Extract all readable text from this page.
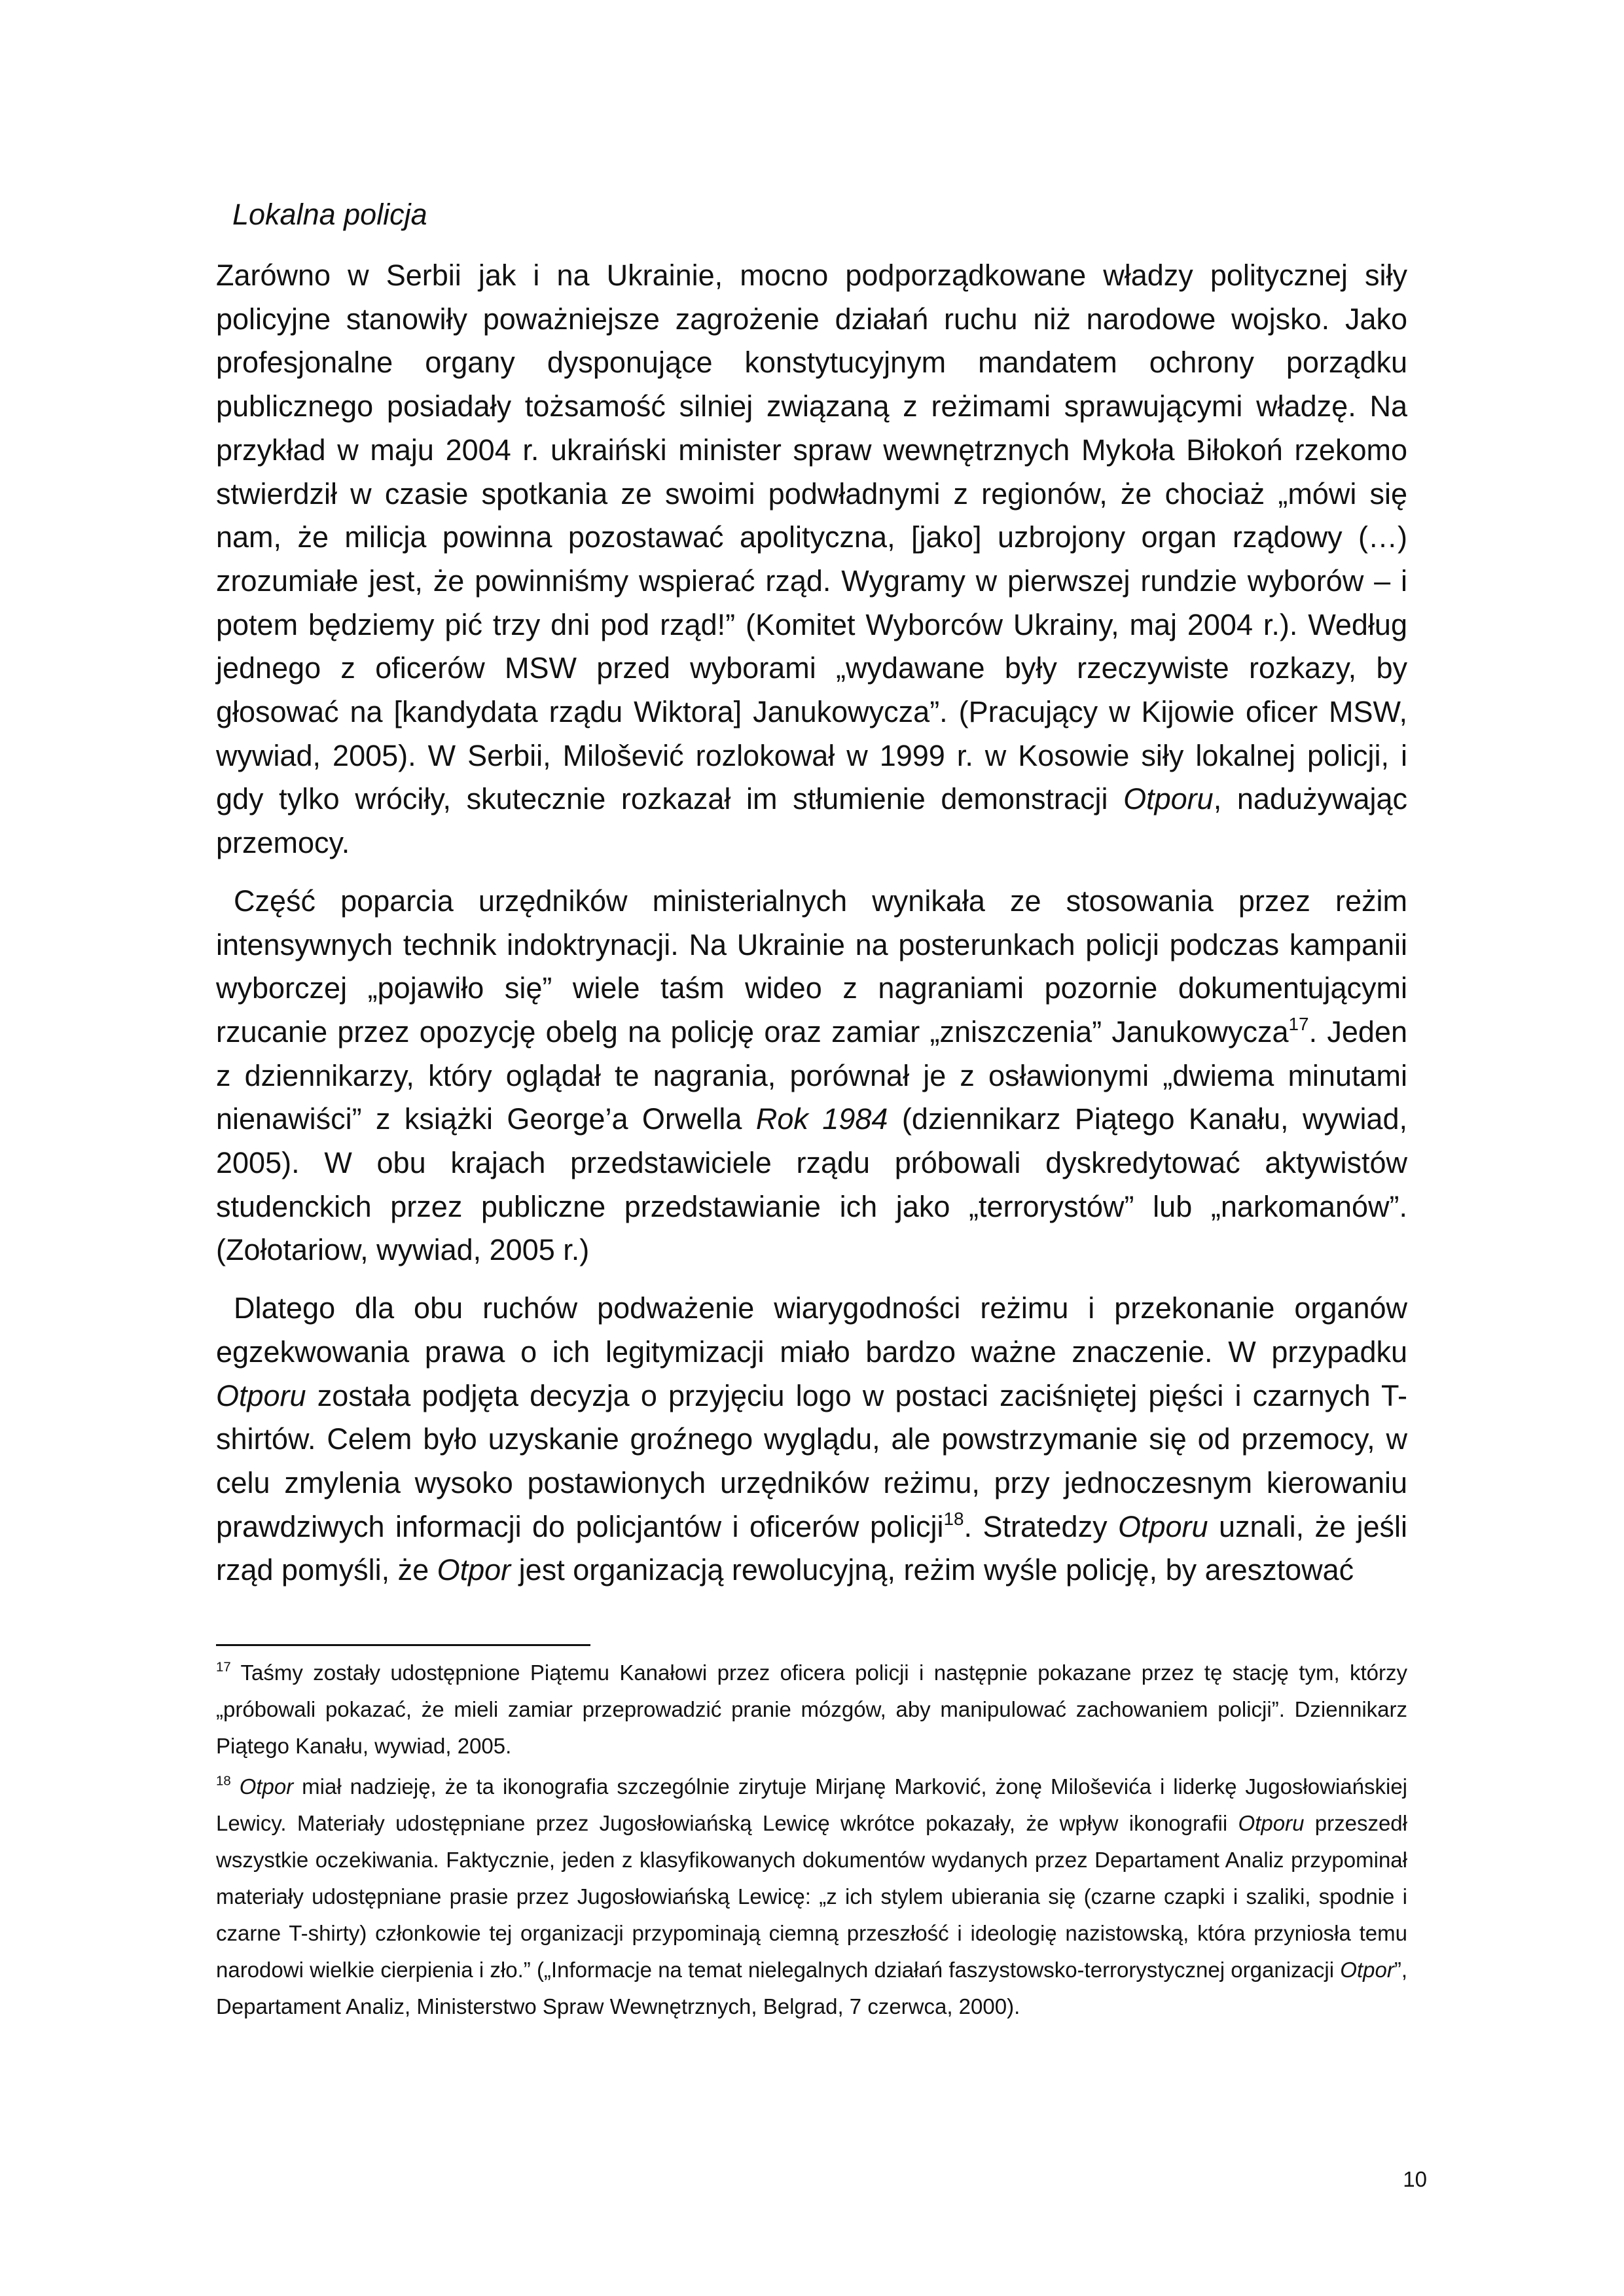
Lokalna policja

Zarówno w Serbii jak i na Ukrainie, mocno podporządkowane władzy politycznej siły policyjne stanowiły poważniejsze zagrożenie działań ruchu niż narodowe wojsko. Jako profesjonalne organy dysponujące konstytucyjnym mandatem ochrony porządku publicznego posiadały tożsamość silniej związaną z reżimami sprawującymi władzę. Na przykład w maju 2004 r. ukraiński minister spraw wewnętrznych Mykoła Biłokoń rzekomo stwierdził w czasie spotkania ze swoimi podwładnymi z regionów, że chociaż „mówi się nam, że milicja powinna pozostawać apolityczna, [jako] uzbrojony organ rządowy (…) zrozumiałe jest, że powinniśmy wspierać rząd. Wygramy w pierwszej rundzie wyborów – i potem będziemy pić trzy dni pod rząd!” (Komitet Wyborców Ukrainy, maj 2004 r.). Według jednego z oficerów MSW przed wyborami „wydawane były rzeczywiste rozkazy, by głosować na [kandydata rządu Wiktora] Janukowycza”. (Pracujący w Kijowie oficer MSW, wywiad, 2005). W Serbii, Milošević rozlokował w 1999 r. w Kosowie siły lokalnej policji, i gdy tylko wróciły, skutecznie rozkazał im stłumienie demonstracji Otporu, nadużywając przemocy.

Część poparcia urzędników ministerialnych wynikała ze stosowania przez reżim intensywnych technik indoktrynacji. Na Ukrainie na posterunkach policji podczas kampanii wyborczej „pojawiło się” wiele taśm wideo z nagraniami pozornie dokumentującymi rzucanie przez opozycję obelg na policję oraz zamiar „zniszczenia” Janukowycza$^{17}$. Jeden z dziennikarzy, który oglądał te nagrania, porównał je z osławionymi „dwiema minutami nienawiści” z książki George’a Orwella Rok 1984 (dziennikarz Piątego Kanału, wywiad, 2005). W obu krajach przedstawiciele rządu próbowali dyskredytować aktywistów studenckich przez publiczne przedstawianie ich jako „terrorystów” lub „narkomanów”. (Zołotariow, wywiad, 2005 r.)

Dlatego dla obu ruchów podważenie wiarygodności reżimu i przekonanie organów egzekwowania prawa o ich legitymizacji miało bardzo ważne znaczenie. W przypadku Otporu została podjęta decyzja o przyjęciu logo w postaci zaciśniętej pięści i czarnych T-shirtów. Celem było uzyskanie groźnego wyglądu, ale powstrzymanie się od przemocy, w celu zmylenia wysoko postawionych urzędników reżimu, przy jednoczesnym kierowaniu prawdziwych informacji do policjantów i oficerów policji$^{18}$. Stratedzy Otporu uznali, że jeśli rząd pomyśli, że Otpor jest organizacją rewolucyjną, reżim wyśle policję, by aresztować

$^{17}$ Taśmy zostały udostępnione Piątemu Kanałowi przez oficera policji i następnie pokazane przez tę stację tym, którzy „próbowali pokazać, że mieli zamiar przeprowadzić pranie mózgów, aby manipulować zachowaniem policji”. Dziennikarz Piątego Kanału, wywiad, 2005.

$^{18}$ Otpor miał nadzieję, że ta ikonografia szczególnie zirytuje Mirjanę Marković, żonę Miloševića i liderkę Jugosłowiańskiej Lewicy. Materiały udostępniane przez Jugosłowiańską Lewicę wkrótce pokazały, że wpływ ikonografii Otporu przeszedł wszystkie oczekiwania. Faktycznie, jeden z klasyfikowanych dokumentów wydanych przez Departament Analiz przypominał materiały udostępniane prasie przez Jugosłowiańską Lewicę: „z ich stylem ubierania się (czarne czapki i szaliki, spodnie i czarne T-shirty) członkowie tej organizacji przypominają ciemną przeszłość i ideologię nazistowską, która przyniosła temu narodowi wielkie cierpienia i zło.” („Informacje na temat nielegalnych działań faszystowsko-terrorystycznej organizacji Otpor”, Departament Analiz, Ministerstwo Spraw Wewnętrznych, Belgrad, 7 czerwca, 2000).

10
